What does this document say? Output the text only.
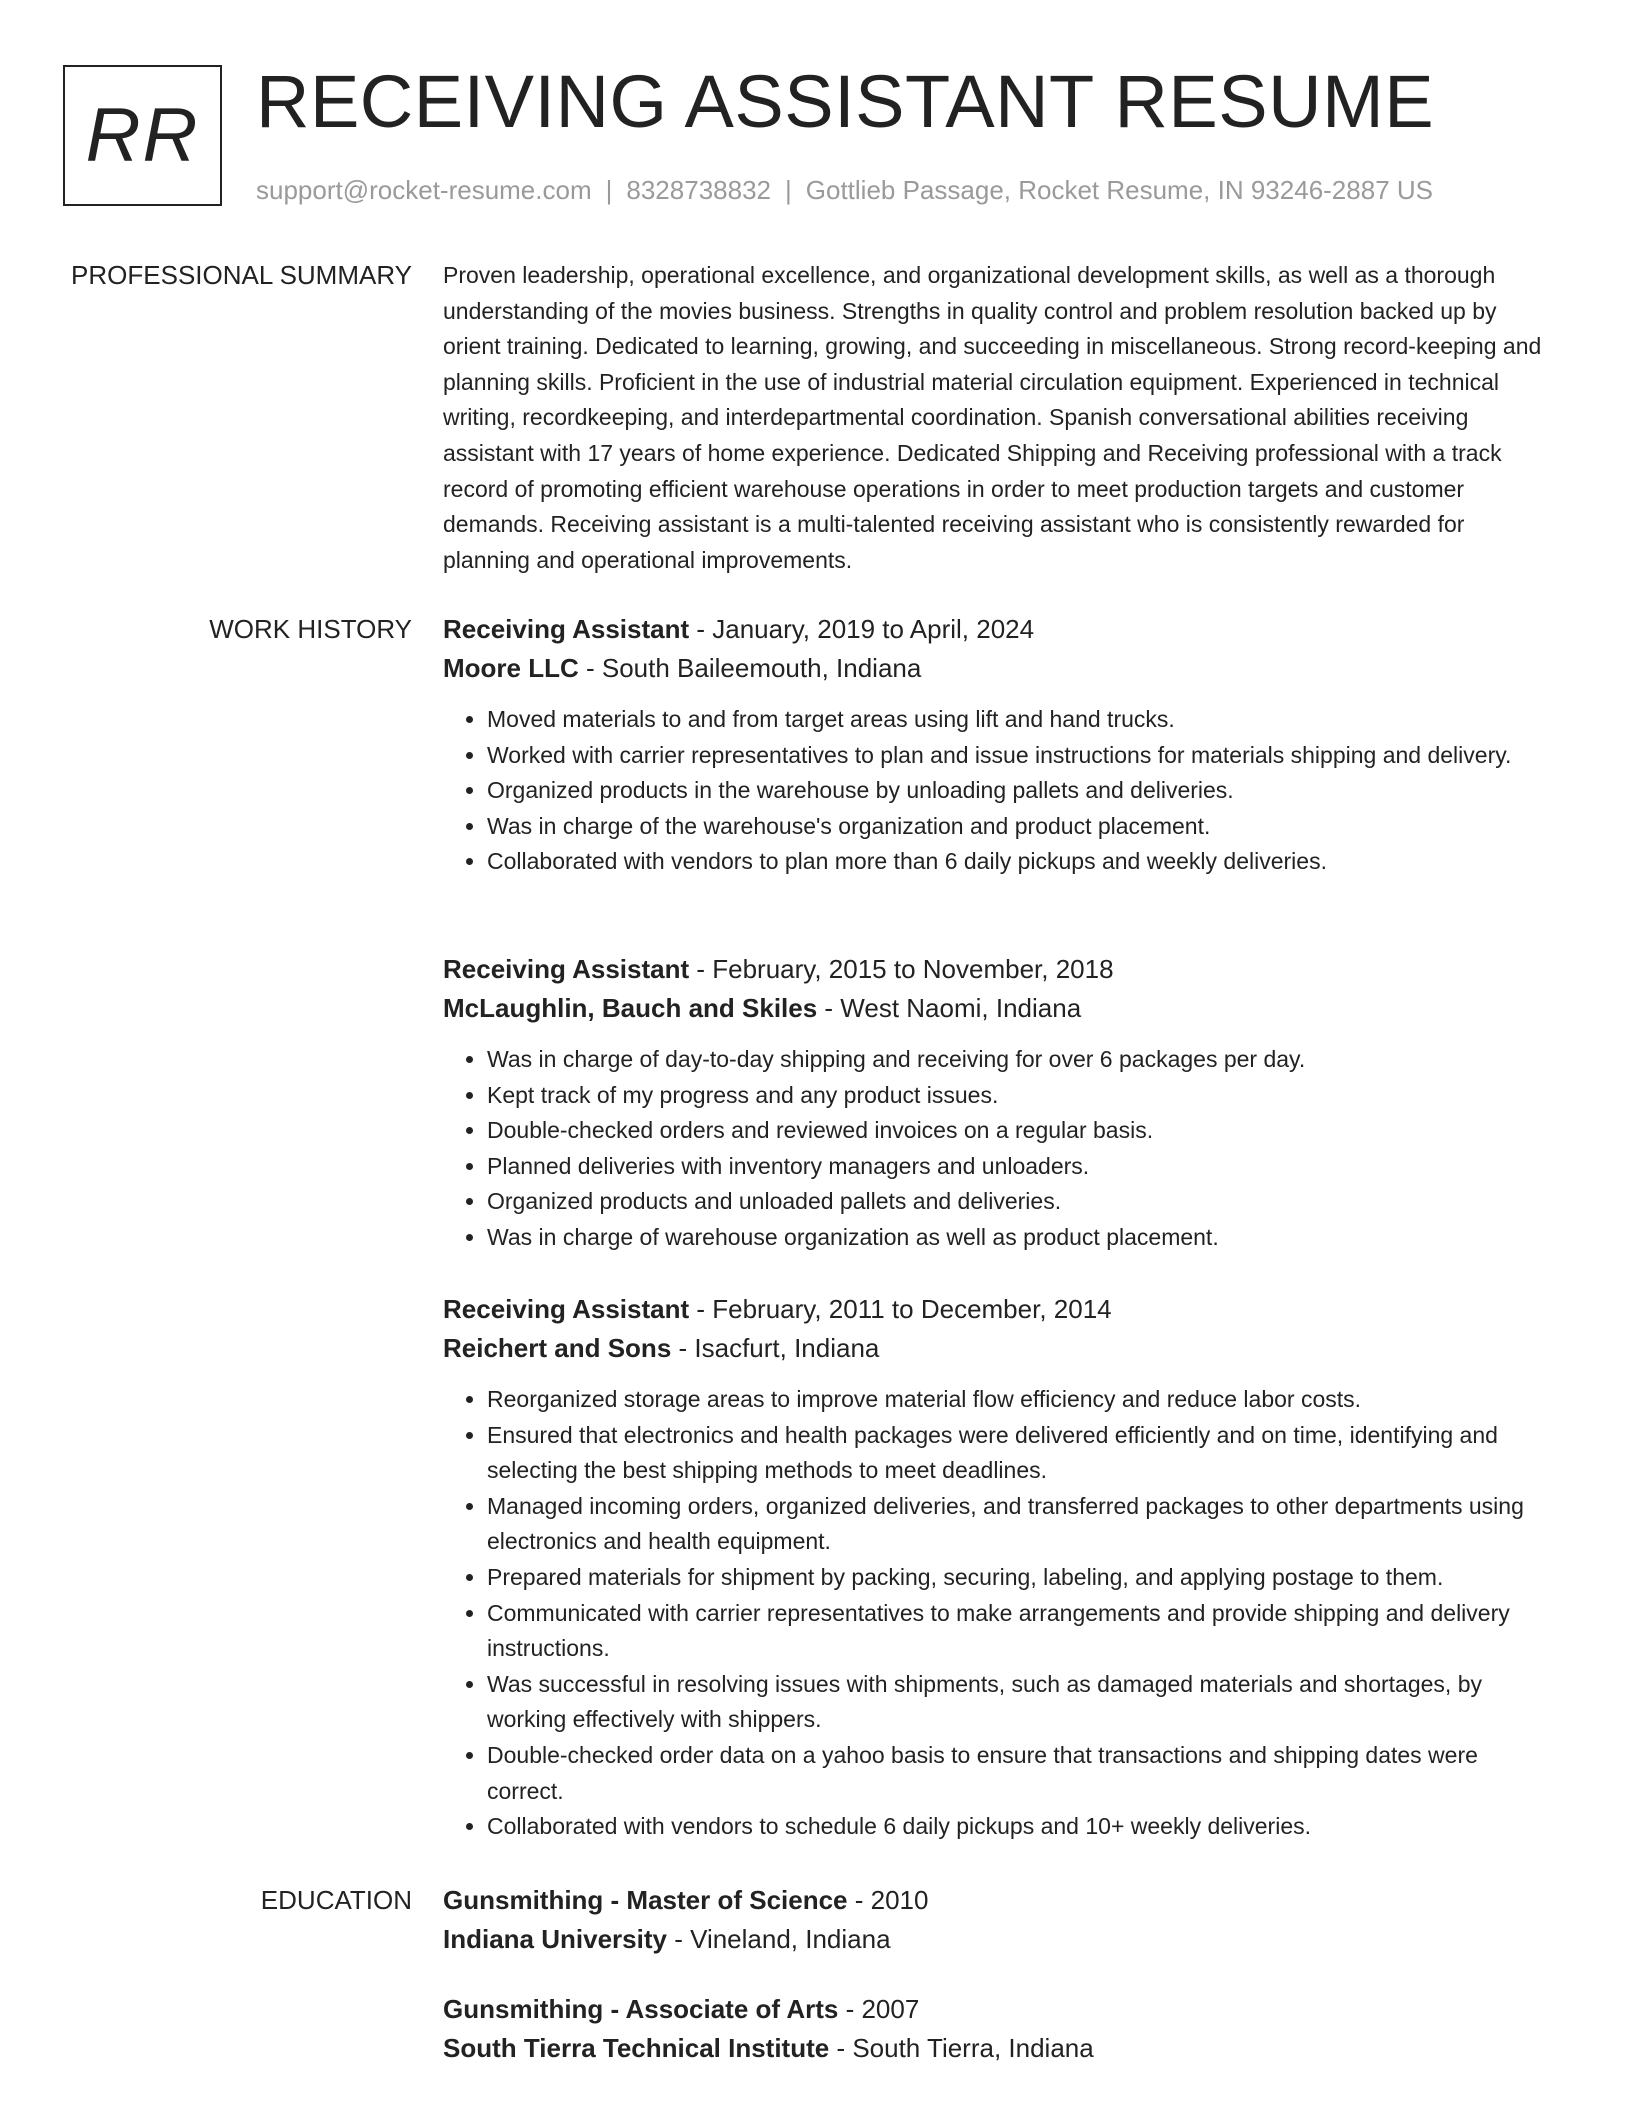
RR RECEIVING ASSISTANT RESUME
support@rocket-resume.com | 8328738832 | Gottlieb Passage, Rocket Resume, IN 93246-2887 US
PROFESSIONAL SUMMARY Proven leadership, operational excellence, and organizational development skills, as well as a thorough understanding of the movies business. Strengths in quality control and problem resolution backed up by orient training. Dedicated to learning, growing, and succeeding in miscellaneous. Strong record-keeping and planning skills. Proficient in the use of industrial material circulation equipment. Experienced in technical writing, recordkeeping, and interdepartmental coordination. Spanish conversational abilities receiving assistant with 17 years of home experience. Dedicated Shipping and Receiving professional with a track record of promoting efficient warehouse operations in order to meet production targets and customer demands. Receiving assistant is a multi-talented receiving assistant who is consistently rewarded for planning and operational improvements.

WORK HISTORY Receiving Assistant - January, 2019 to April, 2024
Moore LLC - South Baileemouth, Indiana
• Moved materials to and from target areas using lift and hand trucks.
• Worked with carrier representatives to plan and issue instructions for materials shipping and delivery.
• Organized products in the warehouse by unloading pallets and deliveries.
• Was in charge of the warehouse's organization and product placement.
• Collaborated with vendors to plan more than 6 daily pickups and weekly deliveries.
Receiving Assistant - February, 2015 to November, 2018
McLaughlin, Bauch and Skiles - West Naomi, Indiana
• Was in charge of day-to-day shipping and receiving for over 6 packages per day.
• Kept track of my progress and any product issues.
• Double-checked orders and reviewed invoices on a regular basis.
• Planned deliveries with inventory managers and unloaders.
• Organized products and unloaded pallets and deliveries.
• Was in charge of warehouse organization as well as product placement.
Receiving Assistant - February, 2011 to December, 2014
Reichert and Sons - Isacfurt, Indiana
• Reorganized storage areas to improve material flow efficiency and reduce labor costs.
• Ensured that electronics and health packages were delivered efficiently and on time, identifying and selecting the best shipping methods to meet deadlines.
• Managed incoming orders, organized deliveries, and transferred packages to other departments using electronics and health equipment.
• Prepared materials for shipment by packing, securing, labeling, and applying postage to them.
• Communicated with carrier representatives to make arrangements and provide shipping and delivery instructions.
• Was successful in resolving issues with shipments, such as damaged materials and shortages, by working effectively with shippers.
• Double-checked order data on a yahoo basis to ensure that transactions and shipping dates were correct.
• Collaborated with vendors to schedule 6 daily pickups and 10+ weekly deliveries.
EDUCATION Gunsmithing - Master of Science - 2010
Indiana University - Vineland, Indiana
Gunsmithing - Associate of Arts - 2007
South Tierra Technical Institute - South Tierra, Indiana
